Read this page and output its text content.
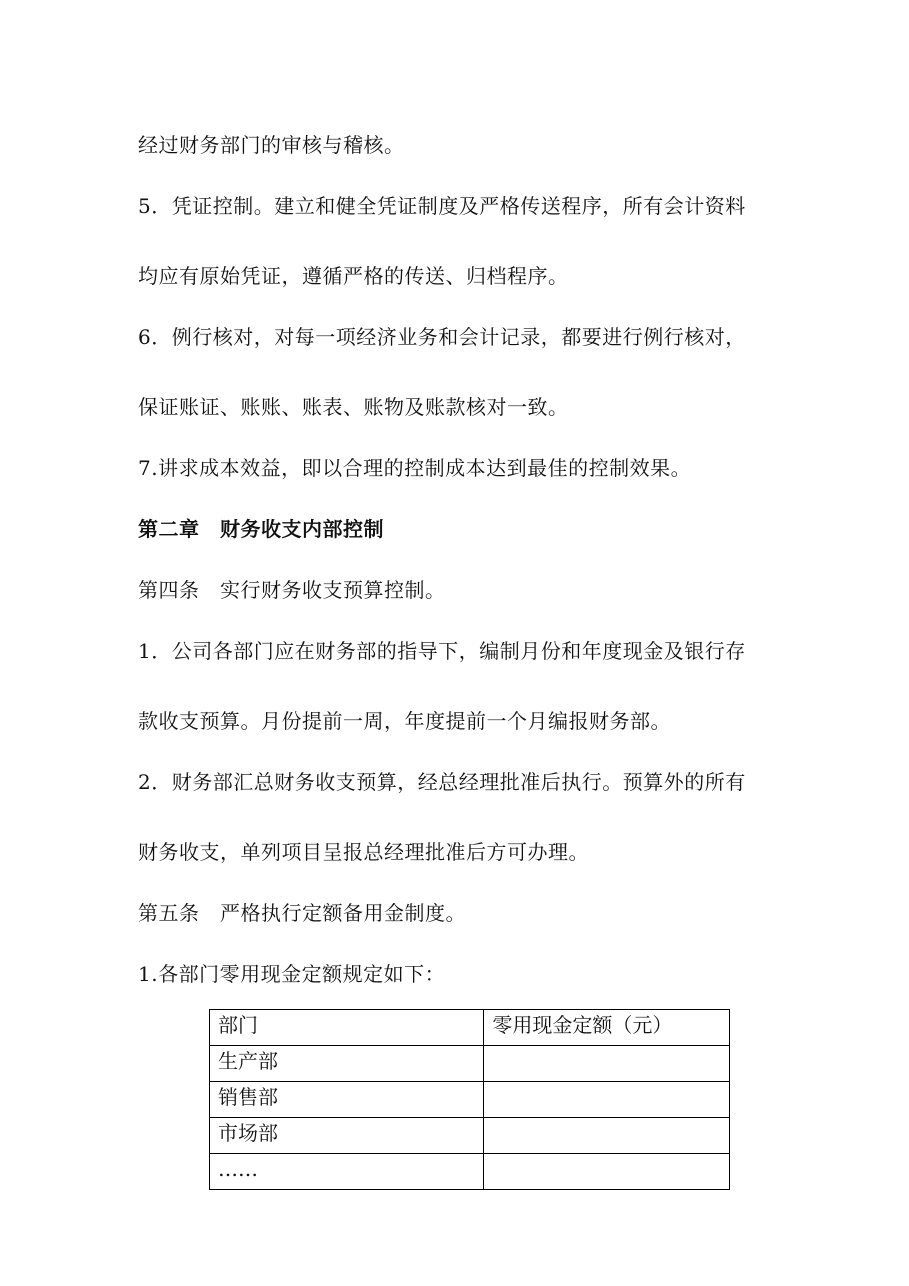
经过财务部门的审核与稽核。
5．凭证控制。建立和健全凭证制度及严格传送程序，所有会计资料
均应有原始凭证，遵循严格的传送、归档程序。
6．例行核对，对每一项经济业务和会计记录，都要进行例行核对，
保证账证、账账、账表、账物及账款核对一致。
7.讲求成本效益，即以合理的控制成本达到最佳的控制效果。
第二章　财务收支内部控制
第四条　实行财务收支预算控制。
1．公司各部门应在财务部的指导下，编制月份和年度现金及银行存
款收支预算。月份提前一周，年度提前一个月编报财务部。
2．财务部汇总财务收支预算，经总经理批准后执行。预算外的所有
财务收支，单列项目呈报总经理批准后方可办理。
第五条　严格执行定额备用金制度。
1.各部门零用现金定额规定如下：
部门	零用现金定额（元）
生产部	
销售部	
市场部	
……	
